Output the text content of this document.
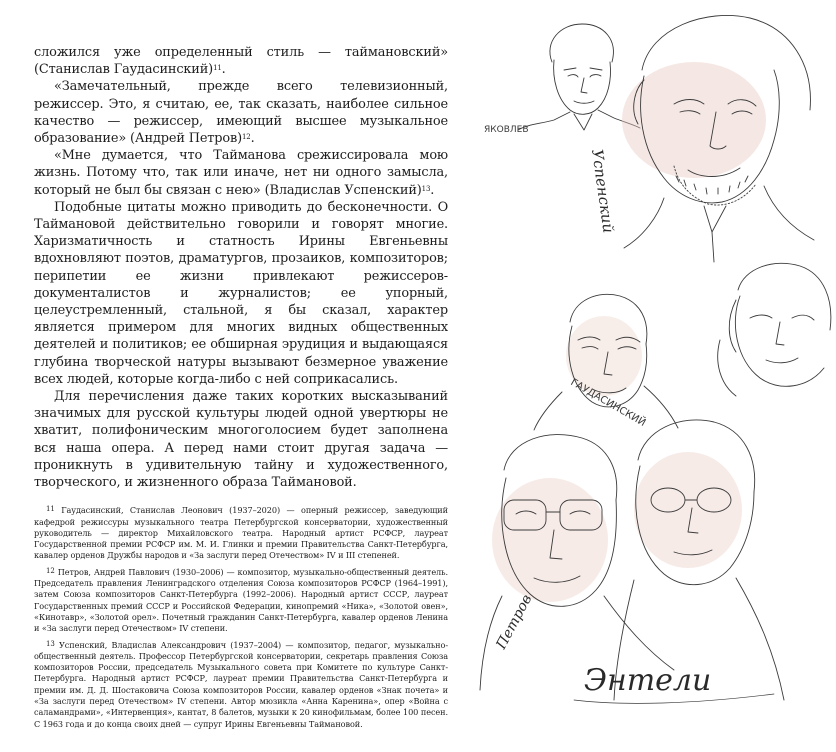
сложился уже определенный стиль — таймановский» (Станислав Гаудасинский)$^{11}$.

«Замечательный, прежде всего телевизионный, режиссер. Это, я считаю, ее, так сказать, наиболее сильное качество — режиссер, имеющий высшее музыкальное образование» (Андрей Петров)$^{12}$.

«Мне думается, что Тайманова срежиссировала мою жизнь. Потому что, так или иначе, нет ни одного замысла, который не был бы связан с нею» (Владислав Успенский)$^{13}$.

Подобные цитаты можно приводить до бесконечности. О Таймановой действительно говорили и говорят многие. Харизматичность и статность Ирины Евгеньевны вдохновляют поэтов, драматургов, прозаиков, композиторов; перипетии ее жизни привлекают режиссеров-документалистов и журналистов; ее упорный, целеустремленный, стальной, я бы сказал, характер является примером для многих видных общественных деятелей и политиков; ее обширная эрудиция и выдающаяся глубина творческой натуры вызывают безмерное уважение всех людей, которые когда-либо с ней соприкасались.

Для перечисления даже таких коротких высказываний значимых для русской культуры людей одной увертюры не хватит, полифоническим многоголосием будет заполнена вся наша опера. А перед нами стоит другая задача — проникнуть в удивительную тайну и художественного, творческого, и жизненного образа Таймановой.

$^{11}$ Гаудасинский, Станислав Леонович (1937–2020) — оперный режиссер, заведующий кафедрой режиссуры музыкального театра Петербургской консерватории, художественный руководитель — директор Михайловского театра. Народный артист РСФСР, лауреат Государственной премии РСФСР им. М. И. Глинки и премии Правительства Санкт-Петербурга, кавалер орденов Дружбы народов и «За заслуги перед Отечеством» IV и III степеней.

$^{12}$ Петров, Андрей Павлович (1930–2006) — композитор, музыкально-общественный деятель. Председатель правления Ленинградского отделения Союза композиторов РСФСР (1964–1991), затем Союза композиторов Санкт-Петербурга (1992–2006). Народный артист СССР, лауреат Государственных премий СССР и Российской Федерации, кинопремий «Ника», «Золотой овен», «Кинотавр», «Золотой орел». Почетный гражданин Санкт-Петербурга, кавалер орденов Ленина и «За заслуги перед Отечеством» IV степени.

$^{13}$ Успенский, Владислав Александрович (1937–2004) — композитор, педагог, музыкально-общественный деятель. Профессор Петербургской консерватории, секретарь правления Союза композиторов России, председатель Музыкального совета при Комитете по культуре Санкт-Петербурга. Народный артист РСФСР, лауреат премии Правительства Санкт-Петербурга и премии им. Д. Д. Шостаковича Союза композиторов России, кавалер орденов «Знак почета» и «За заслуги перед Отечеством» IV степени. Автор мюзикла «Анна Каренина», опер «Война с саламандрами», «Интервенция», кантат, 8 балетов, музыки к 20 кинофильмам, более 100 песен. С 1963 года и до конца своих дней — супруг Ирины Евгеньевны Таймановой.

ЯКОВЛЕВ
Успенский
ГАУДАСИНСКИЙ
Петров
Энтели
